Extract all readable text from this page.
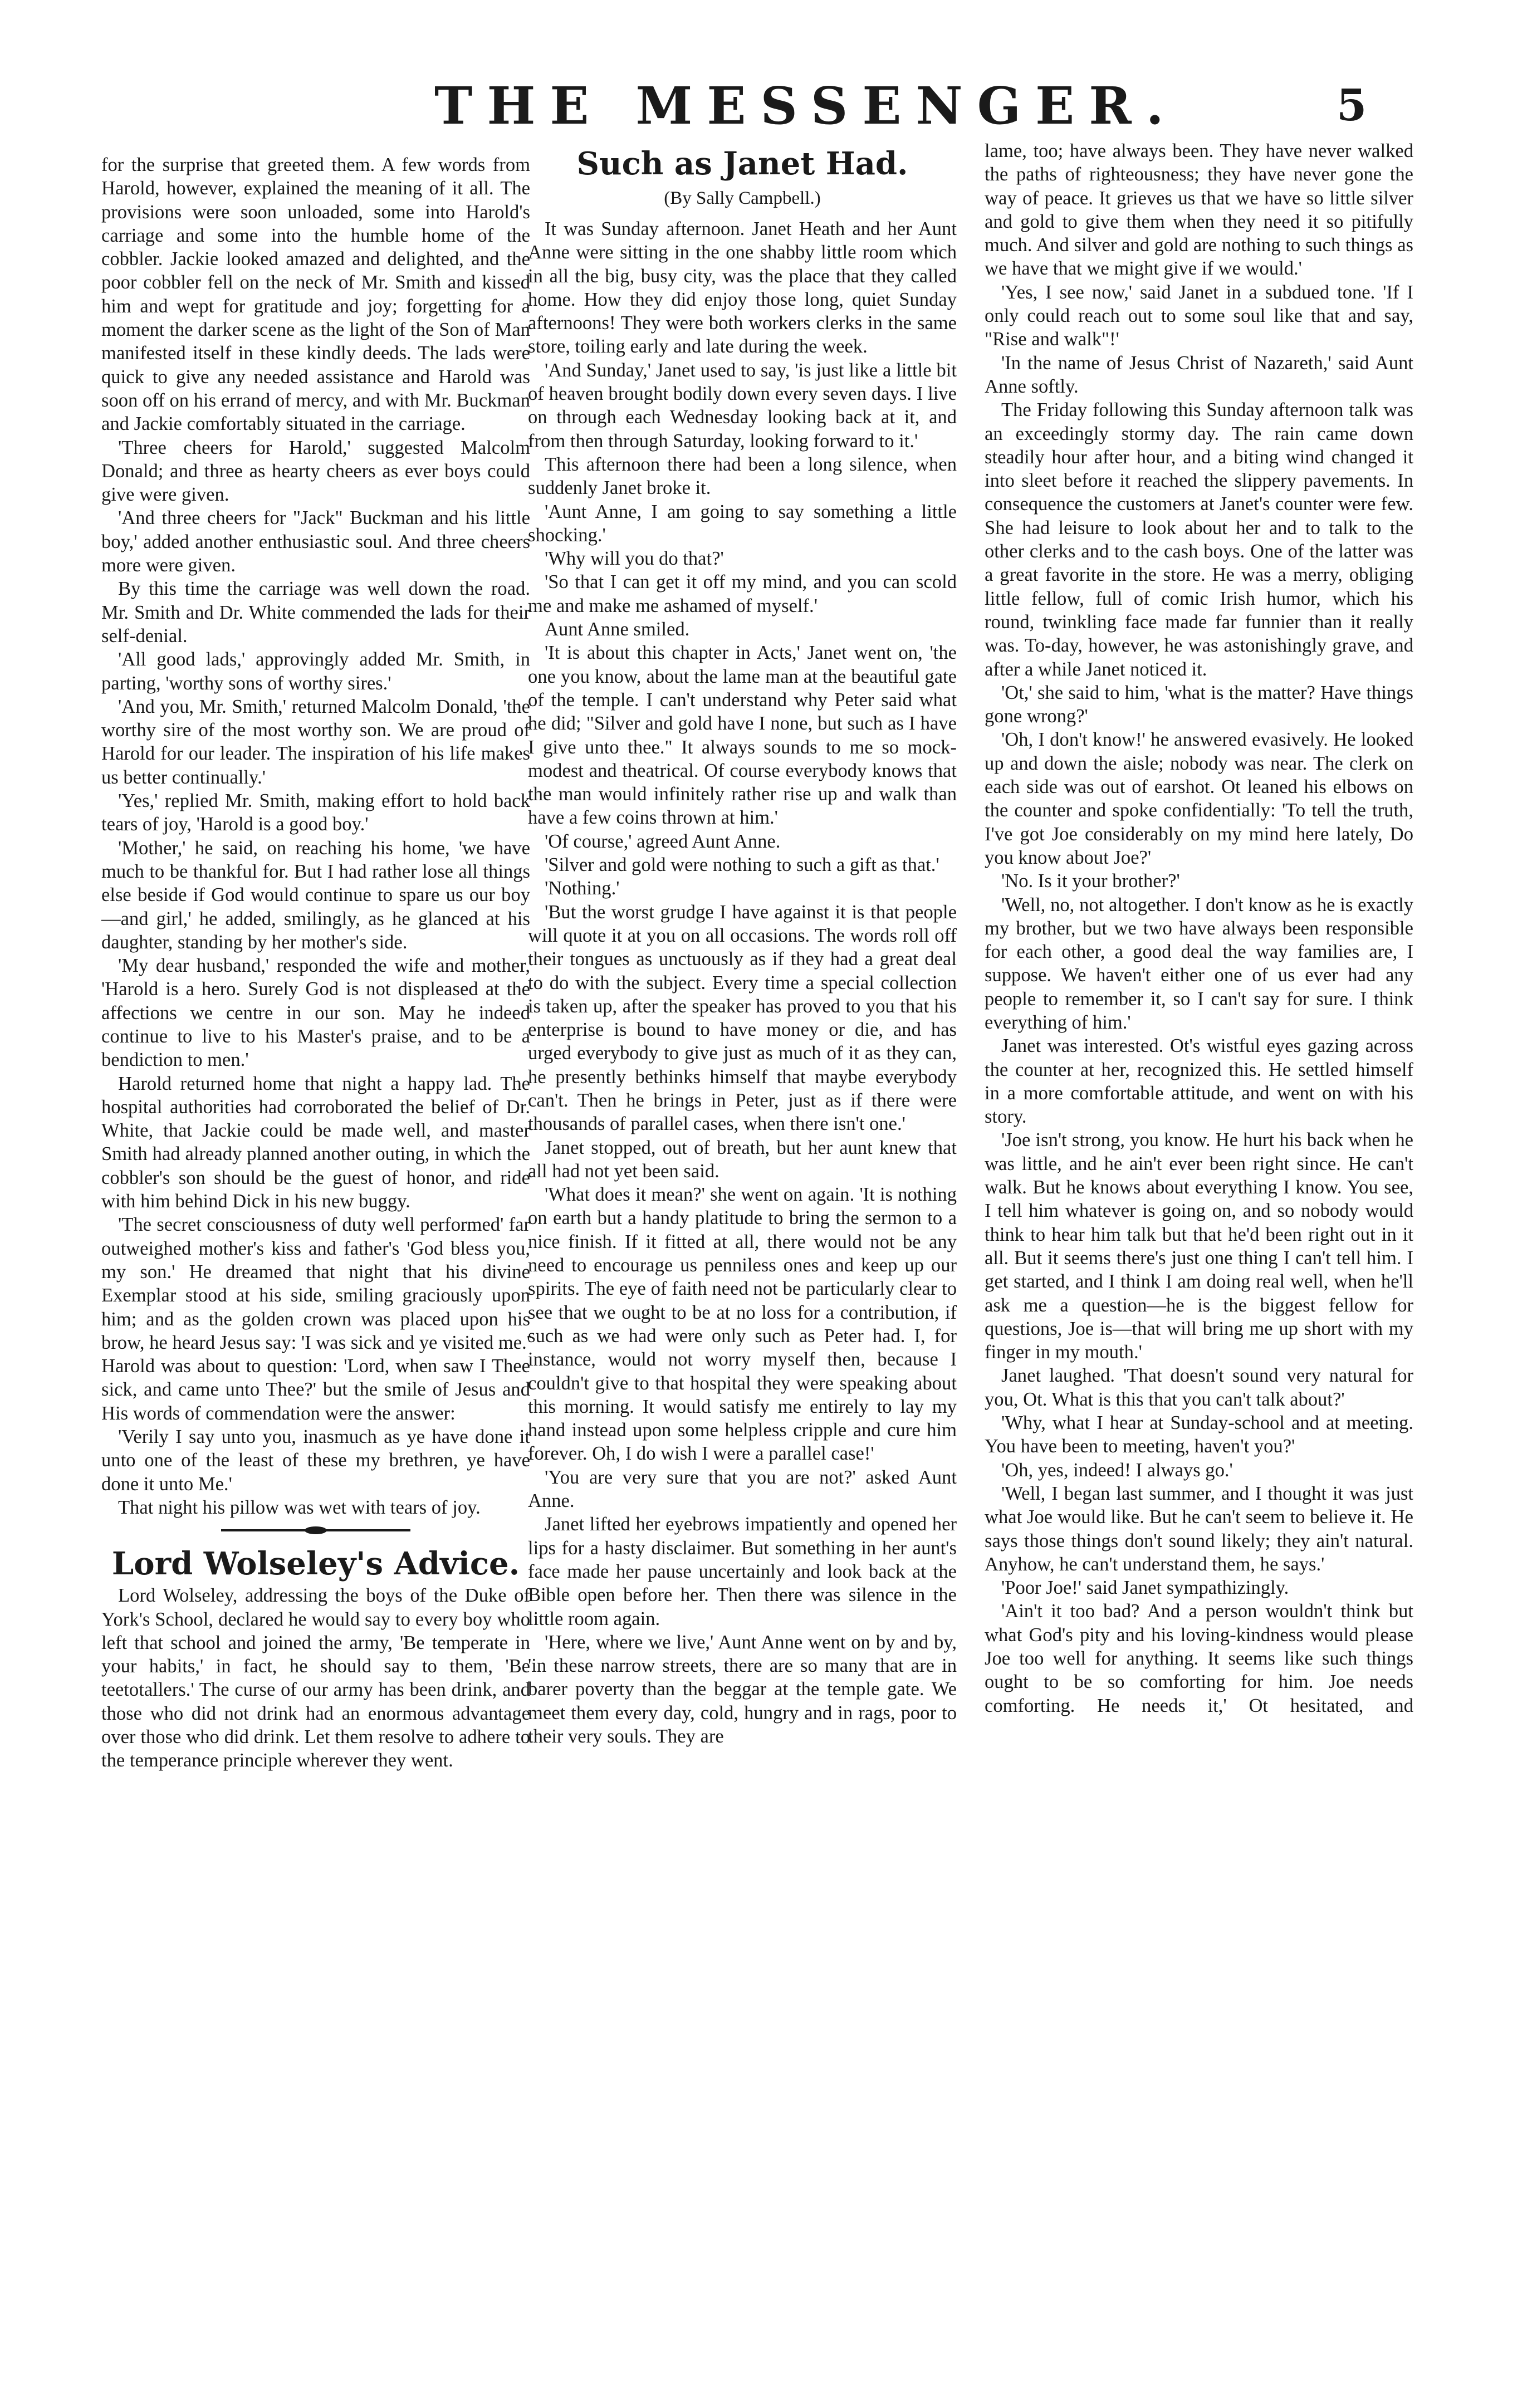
THE MESSENGER.	5

for the surprise that greeted them. A few words from Harold, however, explained the meaning of it all. The provisions were soon unloaded, some into Harold's carriage and some into the humble home of the cobbler. Jackie looked amazed and delighted, and the poor cobbler fell on the neck of Mr. Smith and kissed him and wept for gratitude and joy; forgetting for a moment the darker scene as the light of the Son of Man manifested itself in these kindly deeds. The lads were quick to give any needed assistance and Harold was soon off on his errand of mercy, and with Mr. Buckman and Jackie comfortably situated in the carriage.

'Three cheers for Harold,' suggested Malcolm Donald; and three as hearty cheers as ever boys could give were given.

'And three cheers for "Jack" Buckman and his little boy,' added another enthusiastic soul. And three cheers more were given.

By this time the carriage was well down the road. Mr. Smith and Dr. White commended the lads for their self-denial.

'All good lads,' approvingly added Mr. Smith, in parting, 'worthy sons of worthy sires.'

'And you, Mr. Smith,' returned Malcolm Donald, 'the worthy sire of the most worthy son. We are proud of Harold for our leader. The inspiration of his life makes us better continually.'

'Yes,' replied Mr. Smith, making effort to hold back tears of joy, 'Harold is a good boy.'

'Mother,' he said, on reaching his home, 'we have much to be thankful for. But I had rather lose all things else beside if God would continue to spare us our boy—and girl,' he added, smilingly, as he glanced at his daughter, standing by her mother's side.

'My dear husband,' responded the wife and mother, 'Harold is a hero. Surely God is not displeased at the affections we centre in our son. May he indeed continue to live to his Master's praise, and to be a bendiction to men.'

Harold returned home that night a happy lad. The hospital authorities had corroborated the belief of Dr. White, that Jackie could be made well, and master Smith had already planned another outing, in which the cobbler's son should be the guest of honor, and ride with him behind Dick in his new buggy.

'The secret consciousness of duty well performed' far outweighed mother's kiss and father's 'God bless you, my son.' He dreamed that night that his divine Exemplar stood at his side, smiling graciously upon him; and as the golden crown was placed upon his brow, he heard Jesus say: 'I was sick and ye visited me.' Harold was about to question: 'Lord, when saw I Thee sick, and came unto Thee?' but the smile of Jesus and His words of commendation were the answer:

'Verily I say unto you, inasmuch as ye have done it unto one of the least of these my brethren, ye have done it unto Me.'

That night his pillow was wet with tears of joy.

Lord Wolseley's Advice.

Lord Wolseley, addressing the boys of the Duke of York's School, declared he would say to every boy who left that school and joined the army, 'Be temperate in your habits,' in fact, he should say to them, 'Be teetotallers.' The curse of our army has been drink, and those who did not drink had an enormous advantage over those who did drink. Let them resolve to adhere to the temperance principle wherever they went.

Such as Janet Had.
(By Sally Campbell.)

It was Sunday afternoon. Janet Heath and her Aunt Anne were sitting in the one shabby little room which in all the big, busy city, was the place that they called home. How they did enjoy those long, quiet Sunday afternoons! They were both workers clerks in the same store, toiling early and late during the week.

'And Sunday,' Janet used to say, 'is just like a little bit of heaven brought bodily down every seven days. I live on through each Wednesday looking back at it, and from then through Saturday, looking forward to it.'

This afternoon there had been a long silence, when suddenly Janet broke it.

'Aunt Anne, I am going to say something a little shocking.'

'Why will you do that?'

'So that I can get it off my mind, and you can scold me and make me ashamed of myself.'

Aunt Anne smiled.

'It is about this chapter in Acts,' Janet went on, 'the one you know, about the lame man at the beautiful gate of the temple. I can't understand why Peter said what he did; "Silver and gold have I none, but such as I have I give unto thee." It always sounds to me so mock-modest and theatrical. Of course everybody knows that the man would infinitely rather rise up and walk than have a few coins thrown at him.'

'Of course,' agreed Aunt Anne.

'Silver and gold were nothing to such a gift as that.'

'Nothing.'

'But the worst grudge I have against it is that people will quote it at you on all occasions. The words roll off their tongues as unctuously as if they had a great deal to do with the subject. Every time a special collection is taken up, after the speaker has proved to you that his enterprise is bound to have money or die, and has urged everybody to give just as much of it as they can, he presently bethinks himself that maybe everybody can't. Then he brings in Peter, just as if there were thousands of parallel cases, when there isn't one.'

Janet stopped, out of breath, but her aunt knew that all had not yet been said.

'What does it mean?' she went on again. 'It is nothing on earth but a handy platitude to bring the sermon to a nice finish. If it fitted at all, there would not be any need to encourage us penniless ones and keep up our spirits. The eye of faith need not be particularly clear to see that we ought to be at no loss for a contribution, if such as we had were only such as Peter had. I, for instance, would not worry myself then, because I couldn't give to that hospital they were speaking about this morning. It would satisfy me entirely to lay my hand instead upon some helpless cripple and cure him forever. Oh, I do wish I were a parallel case!'

'You are very sure that you are not?' asked Aunt Anne.

Janet lifted her eyebrows impatiently and opened her lips for a hasty disclaimer. But something in her aunt's face made her pause uncertainly and look back at the Bible open before her. Then there was silence in the little room again.

'Here, where we live,' Aunt Anne went on by and by, 'in these narrow streets, there are so many that are in barer poverty than the beggar at the temple gate. We meet them every day, cold, hungry and in rags, poor to their very souls. They are

lame, too; have always been. They have never walked the paths of righteousness; they have never gone the way of peace. It grieves us that we have so little silver and gold to give them when they need it so pitifully much. And silver and gold are nothing to such things as we have that we might give if we would.'

'Yes, I see now,' said Janet in a subdued tone. 'If I only could reach out to some soul like that and say, "Rise and walk"!'

'In the name of Jesus Christ of Nazareth,' said Aunt Anne softly.

The Friday following this Sunday afternoon talk was an exceedingly stormy day. The rain came down steadily hour after hour, and a biting wind changed it into sleet before it reached the slippery pavements. In consequence the customers at Janet's counter were few. She had leisure to look about her and to talk to the other clerks and to the cash boys. One of the latter was a great favorite in the store. He was a merry, obliging little fellow, full of comic Irish humor, which his round, twinkling face made far funnier than it really was. To-day, however, he was astonishingly grave, and after a while Janet noticed it.

'Ot,' she said to him, 'what is the matter? Have things gone wrong?'

'Oh, I don't know!' he answered evasively. He looked up and down the aisle; nobody was near. The clerk on each side was out of earshot. Ot leaned his elbows on the counter and spoke confidentially: 'To tell the truth, I've got Joe considerably on my mind here lately, Do you know about Joe?'

'No. Is it your brother?'

'Well, no, not altogether. I don't know as he is exactly my brother, but we two have always been responsible for each other, a good deal the way families are, I suppose. We haven't either one of us ever had any people to remember it, so I can't say for sure. I think everything of him.'

Janet was interested. Ot's wistful eyes gazing across the counter at her, recognized this. He settled himself in a more comfortable attitude, and went on with his story.

'Joe isn't strong, you know. He hurt his back when he was little, and he ain't ever been right since. He can't walk. But he knows about everything I know. You see, I tell him whatever is going on, and so nobody would think to hear him talk but that he'd been right out in it all. But it seems there's just one thing I can't tell him. I get started, and I think I am doing real well, when he'll ask me a question—he is the biggest fellow for questions, Joe is—that will bring me up short with my finger in my mouth.'

Janet laughed. 'That doesn't sound very natural for you, Ot. What is this that you can't talk about?'

'Why, what I hear at Sunday-school and at meeting. You have been to meeting, haven't you?'

'Oh, yes, indeed! I always go.'

'Well, I began last summer, and I thought it was just what Joe would like. But he can't seem to believe it. He says those things don't sound likely; they ain't natural. Anyhow, he can't understand them, he says.'

'Poor Joe!' said Janet sympathizingly.

'Ain't it too bad? And a person wouldn't think but what God's pity and his loving-kindness would please Joe too well for anything. It seems like such things ought to be so comforting for him. Joe needs comforting. He needs it,' Ot hesitated, and
